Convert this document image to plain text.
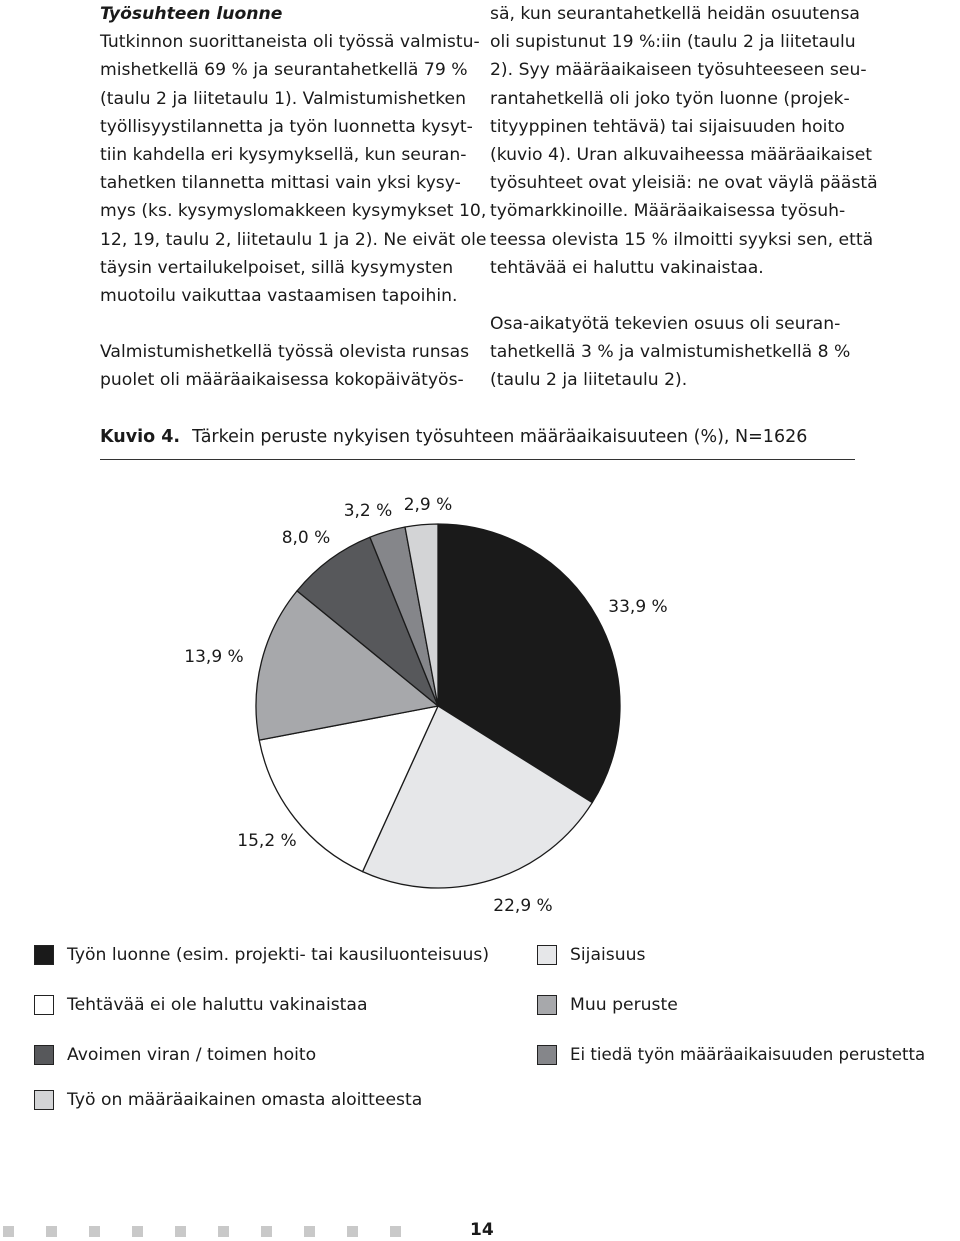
Työsuhteen luonne

Tutkinnon suorittaneista oli työssä valmistu-

mishetkellä 69 % ja seurantahetkellä 79 %

(taulu 2 ja liitetaulu 1). Valmistumishetken

työllisyystilannetta ja työn luonnetta kysyt-

tiin kahdella eri kysymyksellä, kun seuran-

tahetken tilannetta mittasi vain yksi kysy-

mys (ks. kysymyslomakkeen kysymykset 10,

12, 19, taulu 2, liitetaulu 1 ja 2). Ne eivät ole

täysin vertailukelpoiset, sillä kysymysten

muotoilu vaikuttaa vastaamisen tapoihin.

Valmistumishetkellä työssä olevista runsas

puolet oli määräaikaisessa kokopäivätyös-

sä, kun seurantahetkellä heidän osuutensa

oli supistunut 19 %:iin (taulu 2 ja liitetaulu

2). Syy määräaikaiseen työsuhteeseen seu-

rantahetkellä oli joko työn luonne (projek-

tityyppinen tehtävä) tai sijaisuuden hoito

(kuvio 4). Uran alkuvaiheessa määräaikaiset

työsuhteet ovat yleisiä: ne ovat väylä päästä

työmarkkinoille. Määräaikaisessa työsuh-

teessa olevista 15 % ilmoitti syyksi sen, että

tehtävää ei haluttu vakinaistaa.

Osa-aikatyötä tekevien osuus oli seuran-

tahetkellä 3 % ja valmistumishetkellä 8 %

(taulu 2 ja liitetaulu 2).

Kuvio 4. Tärkein peruste nykyisen työsuhteen määräaikaisuuteen (%), N=1626
33,9 %
22,9 %
15,2 %
13,9 %
8,0 %
3,2 % 2,9 %
Työn luonne (esim. projekti- tai kausiluonteisuus)	Sijaisuus
Tehtävää ei ole haluttu vakinaistaa	Muu peruste
Avoimen viran / toimen hoito	Ei tiedä työn määräaikaisuuden perustetta
Työ on määräaikainen omasta aloitteesta
14
